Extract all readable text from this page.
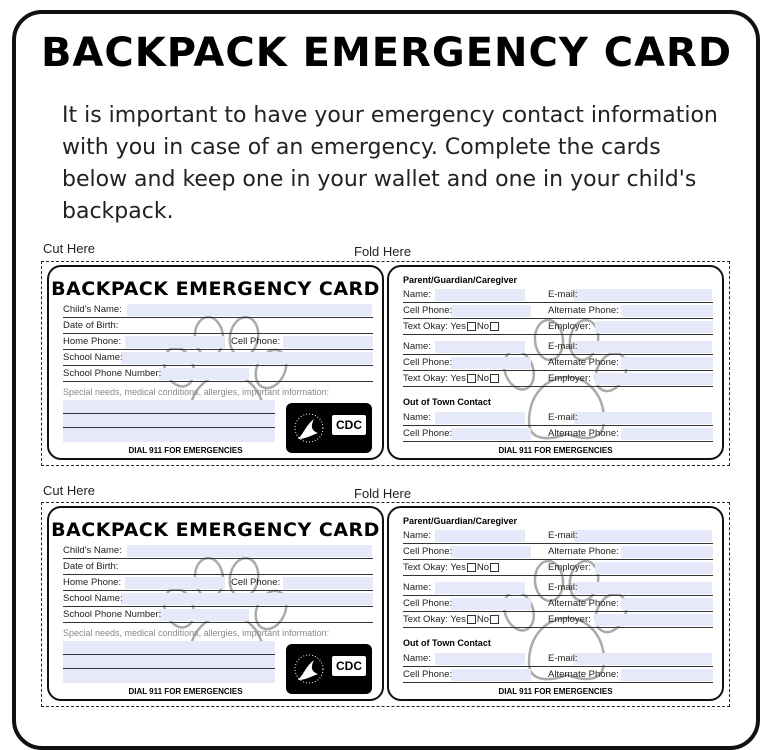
BACKPACK EMERGENCY CARD
It is important to have your emergency contact information with you in case of an emergency. Complete the cards below and keep one in your wallet and one in your child's backpack.
Cut Here	Fold Here
BACKPACK EMERGENCY CARD
Child's Name:
Date of Birth:
Home Phone:	Cell Phone:
School Name:
School Phone Number:
Special needs, medical conditions, allergies, important information:
CDC
DIAL 911 FOR EMERGENCIES
Parent/Guardian/Caregiver
Name:	E-mail:
Cell Phone:	Alternate Phone:
Text Okay: Yes No	Employer:
Name:	E-mail:
Cell Phone:	Alternate Phone:
Text Okay: Yes No	Employer:
Out of Town Contact
Name:	E-mail:
Cell Phone:	Alternate Phone:
DIAL 911 FOR EMERGENCIES
Cut Here	Fold Here
BACKPACK EMERGENCY CARD
Child's Name:
Date of Birth:
Home Phone:	Cell Phone:
School Name:
School Phone Number:
Special needs, medical conditions, allergies, important information:
CDC
DIAL 911 FOR EMERGENCIES
Parent/Guardian/Caregiver
Name:	E-mail:
Cell Phone:	Alternate Phone:
Text Okay: Yes No	Employer:
Name:	E-mail:
Cell Phone:	Alternate Phone:
Text Okay: Yes No	Employer:
Out of Town Contact
Name:	E-mail:
Cell Phone:	Alternate Phone:
DIAL 911 FOR EMERGENCIES
